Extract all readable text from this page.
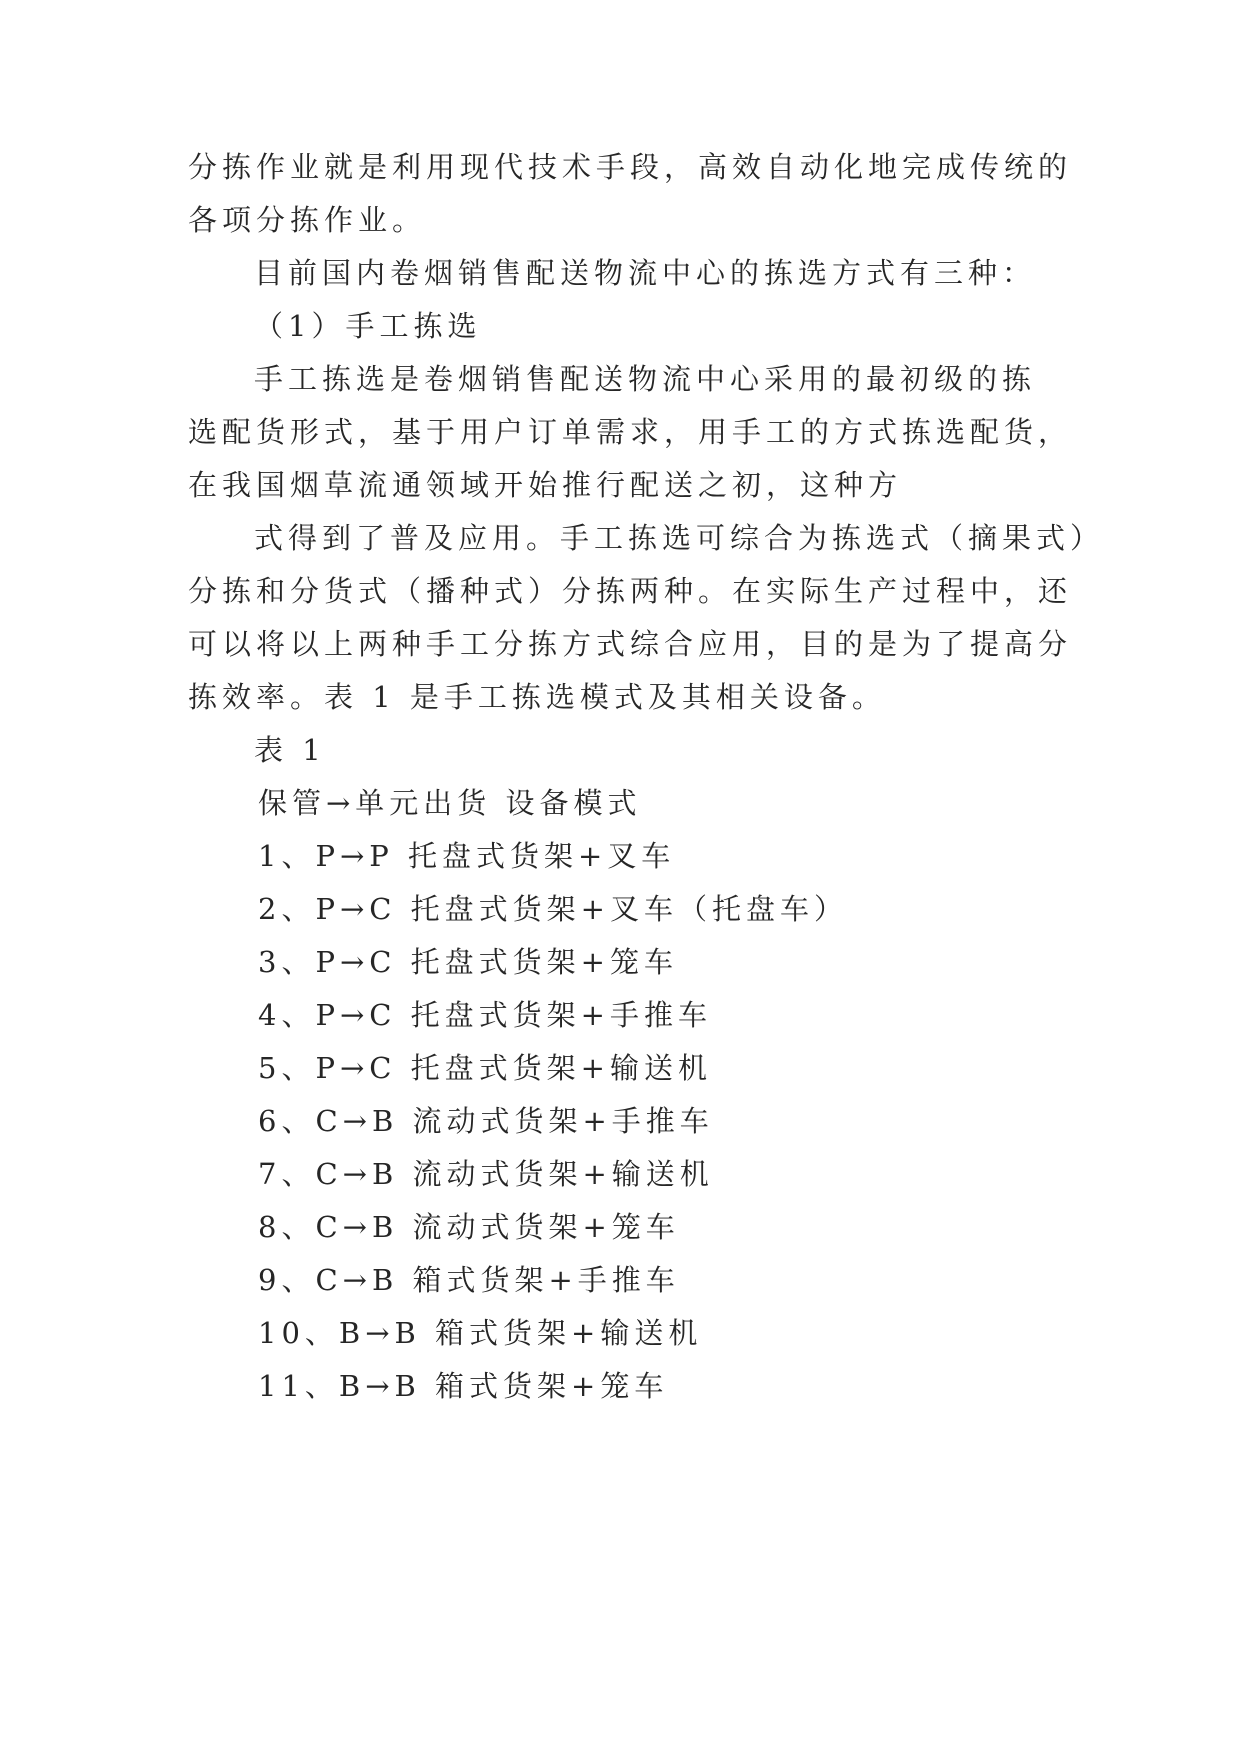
分拣作业就是利用现代技术手段，高效自动化地完成传统的
各项分拣作业。
目前国内卷烟销售配送物流中心的拣选方式有三种：
（1）手工拣选
手工拣选是卷烟销售配送物流中心采用的最初级的拣
选配货形式，基于用户订单需求，用手工的方式拣选配货，
在我国烟草流通领域开始推行配送之初，这种方
式得到了普及应用。手工拣选可综合为拣选式（摘果式）
分拣和分货式（播种式）分拣两种。在实际生产过程中，还
可以将以上两种手工分拣方式综合应用，目的是为了提高分
拣效率。表 1 是手工拣选模式及其相关设备。
表 1
保管→单元出货 设备模式
1、P→P 托盘式货架+叉车
2、P→C 托盘式货架+叉车（托盘车）
3、P→C 托盘式货架+笼车
4、P→C 托盘式货架+手推车
5、P→C 托盘式货架+输送机
6、C→B 流动式货架+手推车
7、C→B 流动式货架+输送机
8、C→B 流动式货架+笼车
9、C→B 箱式货架+手推车
10、B→B 箱式货架+输送机
11、B→B 箱式货架+笼车
